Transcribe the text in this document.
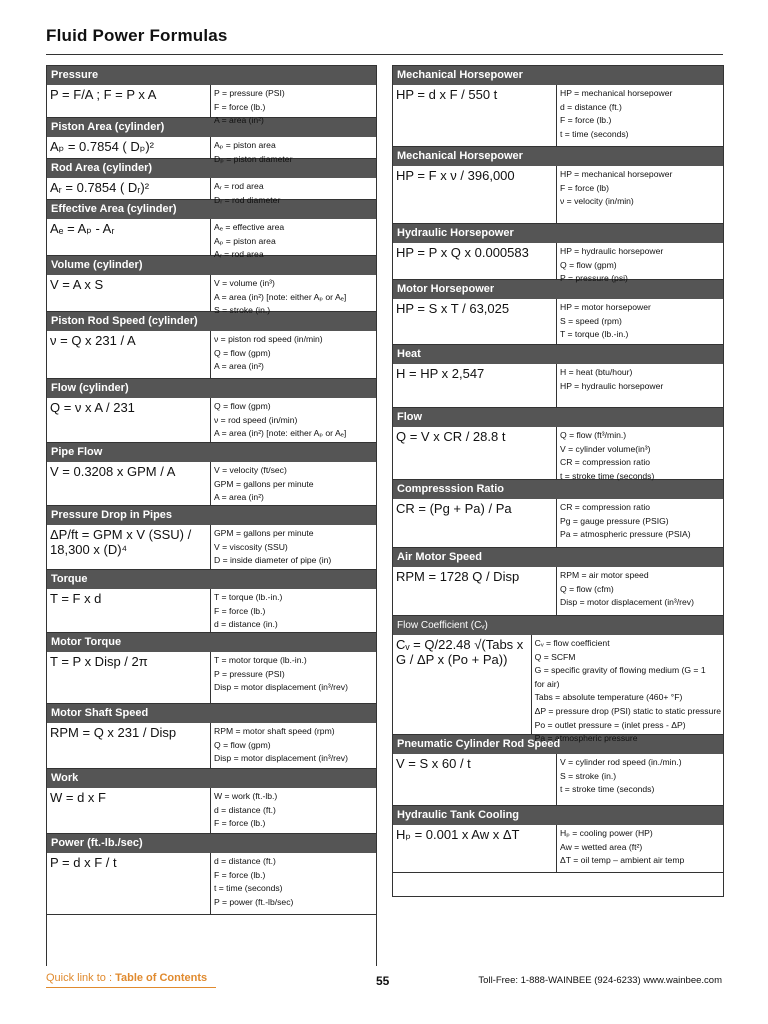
Fluid Power Formulas
Pressure
P = F/A ; F = P x A	P = pressure (PSI)
F = force (lb.)
A = area (in²)
Piston Area (cylinder)
Aₚ = 0.7854 ( Dₚ)²	Aₚ = piston area
Dₚ = piston diameter
Rod Area (cylinder)
Aᵣ = 0.7854 ( Dᵣ)²	Aᵣ = rod area
Dᵣ = rod diameter
Effective Area (cylinder)
Aₑ = Aₚ - Aᵣ	Aₑ = effective area
Aₚ = piston area
Aᵣ = rod area
Volume (cylinder)
V = A x S	V = volume (in³)
A = area (in²) [note: either Aₚ or Aₑ]
S = stroke (in.)
Piston Rod Speed (cylinder)
ν = Q x 231 / A	ν = piston rod speed (in/min)
Q = flow (gpm)
A = area (in²)
Flow (cylinder)
Q = ν x A / 231	Q = flow (gpm)
ν = rod speed (in/min)
A = area (in²) [note: either Aₚ or Aₑ]
Pipe Flow
V = 0.3208 x GPM / A	V = velocity (ft/sec)
GPM = gallons per minute
A = area (in²)
Pressure Drop in Pipes
ΔP/ft = GPM x V (SSU) / 18,300 x (D)⁴
GPM = gallons per minute
V = viscosity (SSU)
D = inside diameter of pipe (in)
Torque
T = F x d	T = torque (lb.-in.)
F = force (lb.)
d = distance (in.)
Motor Torque
T = P x Disp / 2π	T = motor torque (lb.-in.)
P = pressure (PSI)
Disp = motor displacement (in³/rev)
Motor Shaft Speed
RPM = Q x 231 / Disp	RPM = motor shaft speed (rpm)
Q = flow (gpm)
Disp = motor displacement (in³/rev)
Work
W = d x F	W = work (ft.-lb.)
d = distance (ft.)
F = force (lb.)
Power (ft.-lb./sec)
P = d x F / t	d = distance (ft.)
F = force (lb.)
t = time (seconds)
P = power (ft.-lb/sec)
Mechanical Horsepower
HP = d x F / 550 t	HP = mechanical horsepower
d = distance (ft.)
F = force (lb.)
t = time (seconds)
Mechanical Horsepower
HP = F x ν / 396,000	HP = mechanical horsepower
F = force (lb)
ν = velocity (in/min)
Hydraulic Horsepower
HP = P x Q x 0.000583	HP = hydraulic horsepower
Q = flow (gpm)
P = pressure (psi)
Motor Horsepower
HP = S x T / 63,025	HP = motor horsepower
S = speed (rpm)
T = torque (lb.-in.)
Heat
H = HP x 2,547	H = heat (btu/hour)
HP = hydraulic horsepower
Flow
Q = V x CR / 28.8 t	Q = flow (ft³/min.)
V = cylinder volume(in³)
CR = compression ratio
t = stroke time (seconds)
Compresssion Ratio
CR = (Pg + Pa) / Pa	CR = compression ratio
Pg = gauge pressure (PSIG)
Pa = atmospheric pressure (PSIA)
Air Motor Speed
RPM = 1728 Q / Disp	RPM = air motor speed
Q = flow (cfm)
Disp = motor displacement (in³/rev)
Flow Coefficient (Cᵥ)
Cᵥ = Q/22.48 √(Tabs x G / ΔP x (Po + Pa))
Cᵥ = flow coefficient
Q = SCFM
G = specific gravity of flowing medium (G = 1
for air)
Tabs = absolute temperature (460+ °F)
ΔP = pressure drop (PSI) static to static pressure
Po = outlet pressure = (inlet press - ΔP)
Pa = atmospheric pressure
Pneumatic Cylinder Rod Speed
V = S x 60 / t	V = cylinder rod speed (in./min.)
S = stroke (in.)
t = stroke time (seconds)
Hydraulic Tank Cooling
Hₚ = 0.001 x Aw x ΔT	Hₚ = cooling power (HP)
Aw = wetted area (ft²)
ΔT = oil temp – ambient air temp
Quick link to : Table of Contents	55	Toll-Free: 1-888-WAINBEE (924-6233) www.wainbee.com
